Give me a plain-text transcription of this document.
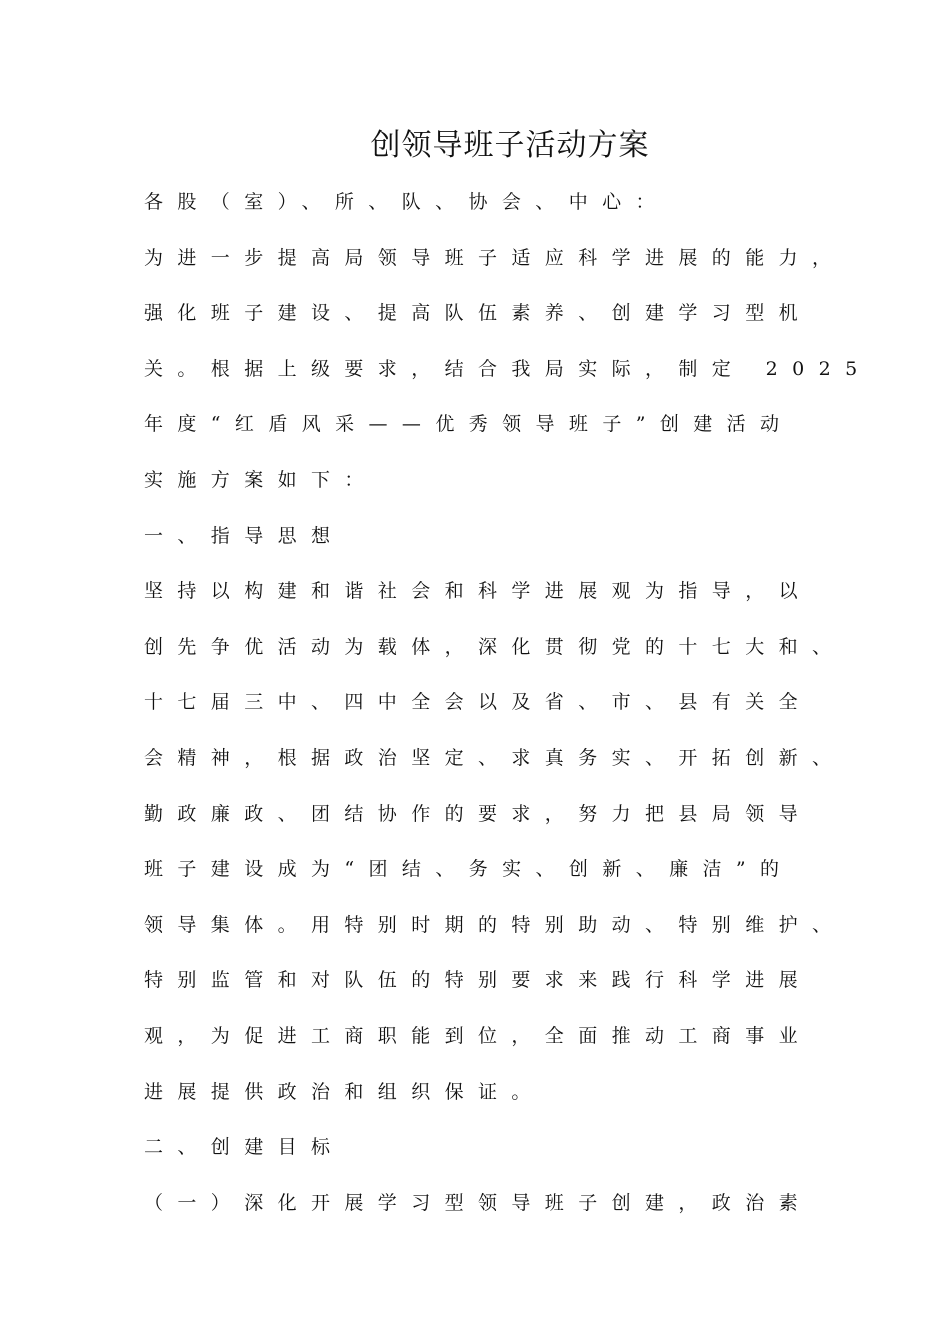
创领导班子活动方案
各股（室）、所、队、协会、中心：
为进一步提高局领导班子适应科学进展的能力，
强化班子建设、提高队伍素养、创建学习型机
关。根据上级要求，结合我局实际，制定 2025
年度“红盾风采——优秀领导班子”创建活动
实施方案如下：
一、指导思想
坚持以构建和谐社会和科学进展观为指导，以
创先争优活动为载体，深化贯彻党的十七大和、
十七届三中、四中全会以及省、市、县有关全
会精神，根据政治坚定、求真务实、开拓创新、
勤政廉政、团结协作的要求，努力把县局领导
班子建设成为“团结、务实、创新、廉洁”的
领导集体。用特别时期的特别助动、特别维护、
特别监管和对队伍的特别要求来践行科学进展
观，为促进工商职能到位，全面推动工商事业
进展提供政治和组织保证。
二、创建目标
（一）深化开展学习型领导班子创建，政治素
